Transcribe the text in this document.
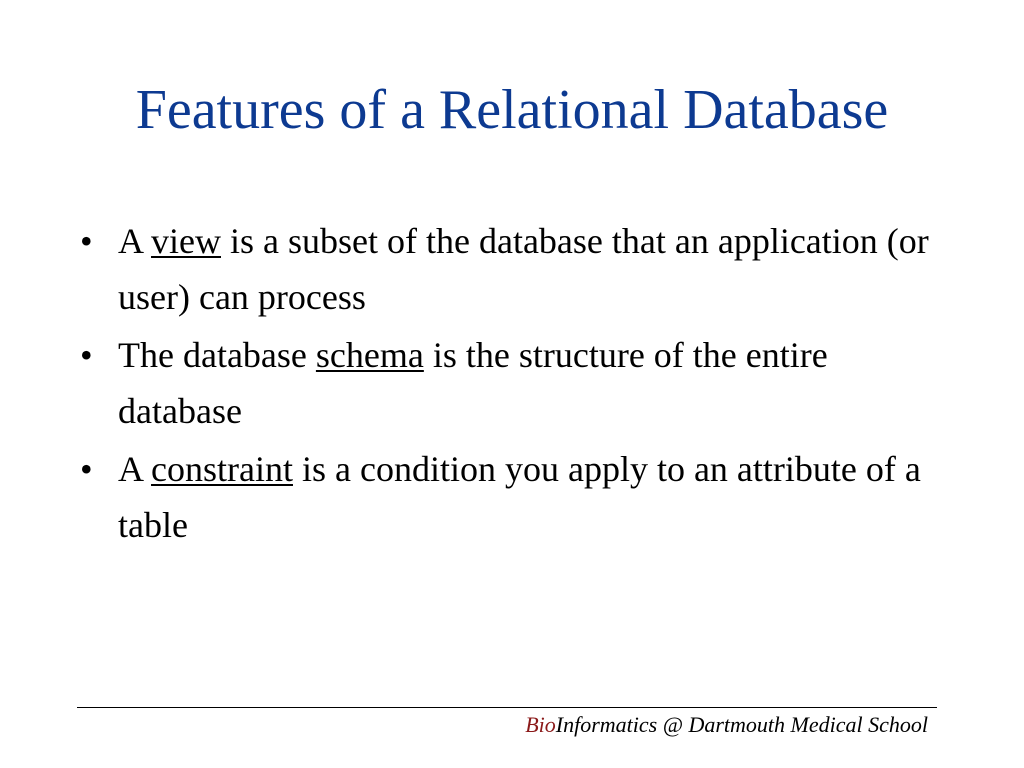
Features of a Relational Database
• A view is a subset of the database that an application (or user) can process
• The database schema is the structure of the entire database
• A constraint is a condition you apply to an attribute of a table
BioInformatics @ Dartmouth Medical School
